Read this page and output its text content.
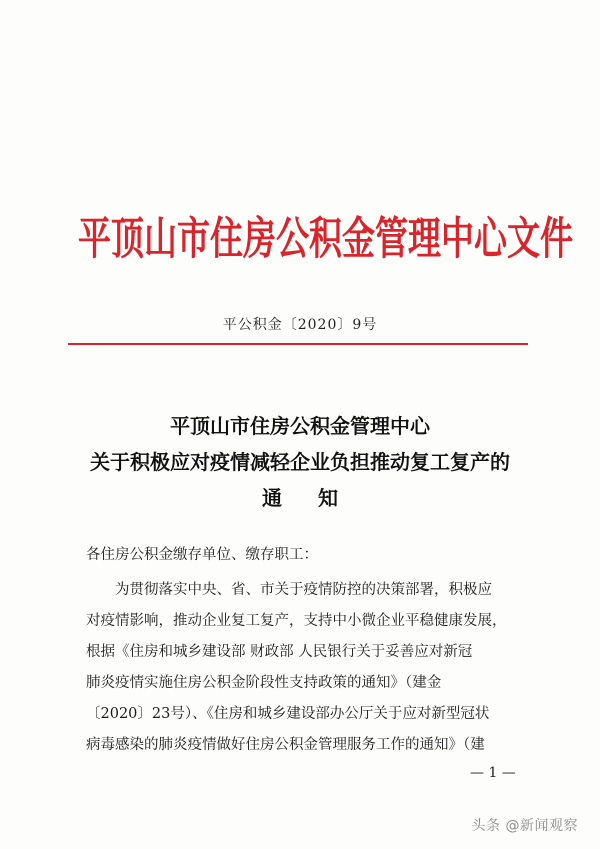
平顶山市住房公积金管理中心文件
平公积金〔2020〕9号
平顶山市住房公积金管理中心
关于积极应对疫情减轻企业负担推动复工复产的
通知
各住房公积金缴存单位、缴存职工：
为贯彻落实中央、省、市关于疫情防控的决策部署，积极应
对疫情影响，推动企业复工复产，支持中小微企业平稳健康发展，
根据《住房和城乡建设部 财政部 人民银行关于妥善应对新冠
肺炎疫情实施住房公积金阶段性支持政策的通知》（建金
〔2020〕23号）、《住房和城乡建设部办公厅关于应对新型冠状
病毒感染的肺炎疫情做好住房公积金管理服务工作的通知》（建
— 1 —
头条 @新闻观察
